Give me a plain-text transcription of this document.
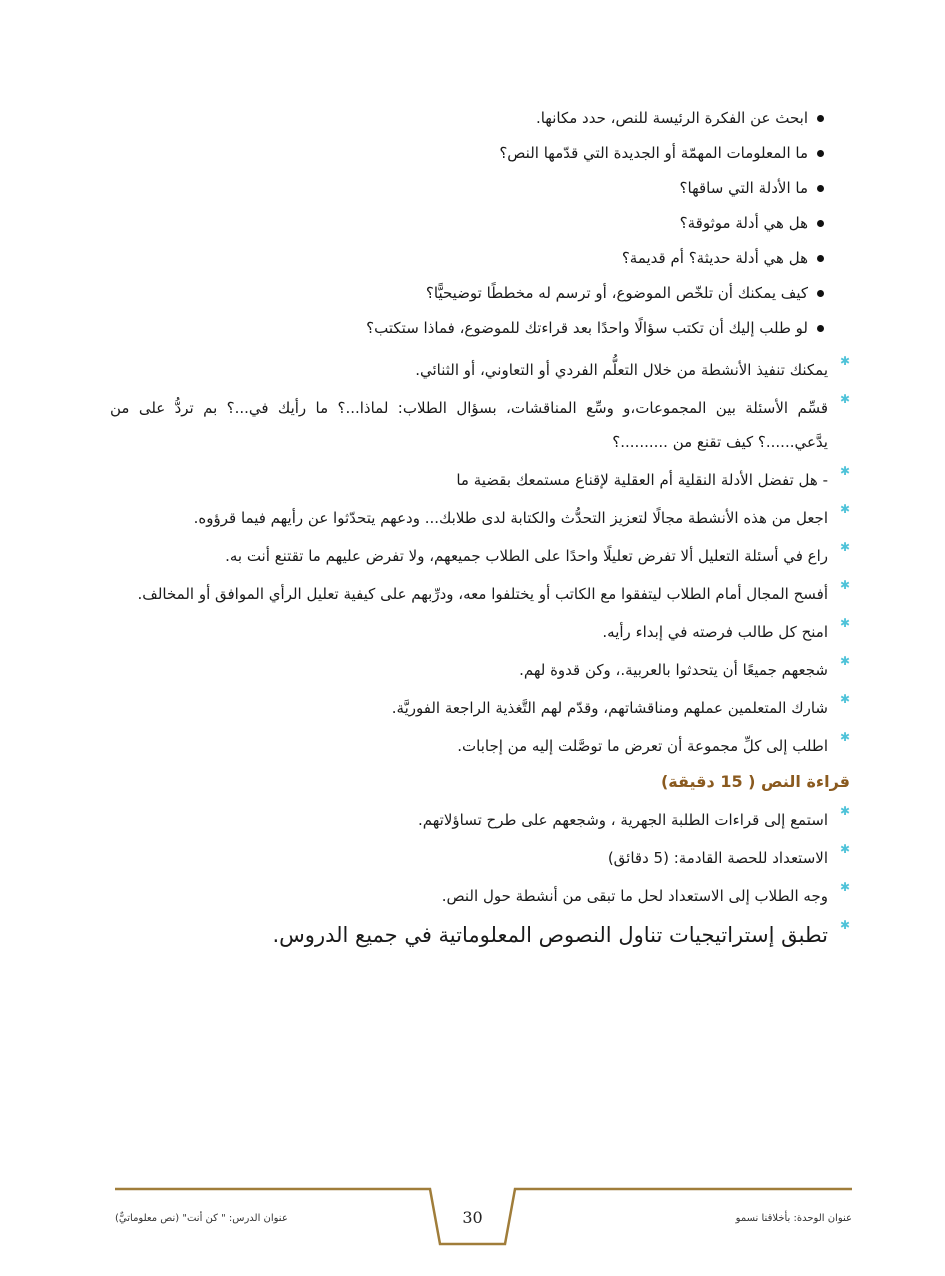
ابحث عن الفكرة الرئيسة للنص، حدد مكانها.
ما المعلومات المهمّة أو الجديدة التي قدّمها النص؟
ما الأدلة التي ساقها؟
هل هي أدلة موثوقة؟
هل هي أدلة حديثة؟ أم قديمة؟
كيف يمكنك أن تلخّص الموضوع، أو ترسم له مخططًا توضيحيًّا؟
لو طلب إليك أن تكتب سؤالًا واحدًا بعد قراءتك للموضوع، فماذا ستكتب؟
✱
يمكنك تنفيذ الأنشطة من خلال التعلُّم الفردي أو التعاوني، أو الثنائي.
✱
قسِّم الأسئلة بين المجموعات،و وسِّع المناقشات، بسؤال الطلاب: لماذا...؟ ما رأيك في...؟ بم تردُّ على من يدَّعي......؟ كيف تقنع من ..........؟
✱
- هل تفضل الأدلة النقلية أم العقلية لإقناع مستمعك بقضية ما
✱
اجعل من هذه الأنشطة مجالًا لتعزيز التحدُّث والكتابة لدى طلابك... ودعهم يتحدّثوا عن رأيهم فيما قرؤوه.
✱
راع في أسئلة التعليل ألا تفرض تعليلًا واحدًا على الطلاب جميعهم، ولا تفرض عليهم ما تقتنع أنت به.
✱
أفسح المجال أمام الطلاب ليتفقوا مع الكاتب أو يختلفوا معه، ودرِّبهم على كيفية تعليل الرأي الموافق أو المخالف.
✱
امنح كل طالب فرصته في إبداء رأيه.
✱
شجعهم جميعًا أن يتحدثوا بالعربية.، وكن قدوة لهم.
✱
شارك المتعلمين عملهم ومناقشاتهم، وقدّم لهم التَّغذية الراجعة الفوريَّة.
✱
اطلب إلى كلِّ مجموعة أن تعرض ما توصَّلت إليه من إجابات.
قراءة النص ( 15 دقيقة)
✱
استمع إلى قراءات الطلبة الجهرية ، وشجعهم على طرح تساؤلاتهم.
✱
الاستعداد للحصة القادمة: (5 دقائق)
✱
وجه الطلاب إلى الاستعداد لحل ما تبقى من أنشطة حول النص.
✱
تطبق إستراتيجيات تناول النصوص المعلوماتية في جميع الدروس.
عنوان الوحدة: بأخلاقنا نسمو
30
عنوان الدرس: " كن أنت" (نص معلوماتيٌّ)
